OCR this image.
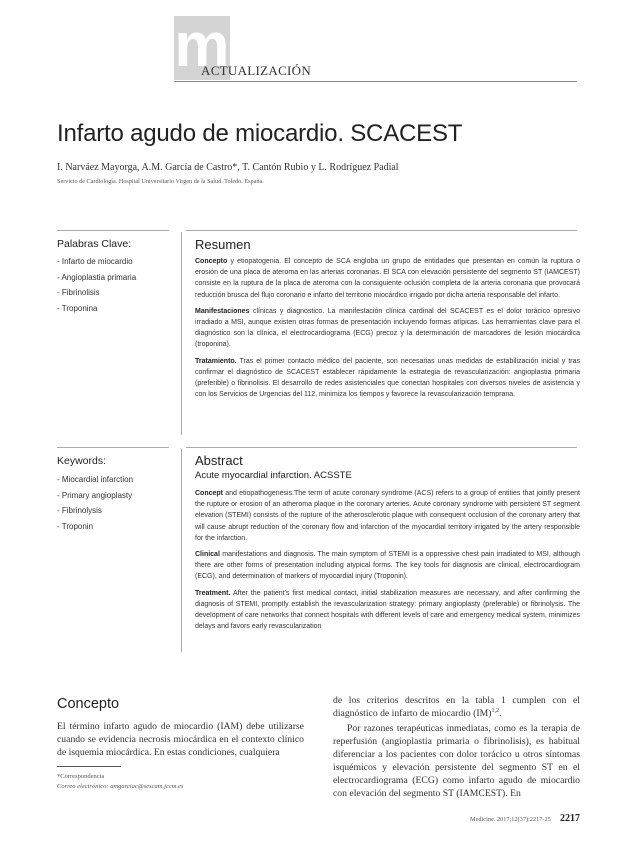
m
ACTUALIZACIÓN
Infarto agudo de miocardio. SCACEST
I. Narváez Mayorga, A.M. García de Castro*, T. Cantón Rubio y L. Rodríguez Padial
Servicio de Cardiología. Hospital Universitario Virgen de la Salud. Toledo. España.
Palabras Clave:
- Infarto de miocardio
- Angioplastia primaria
- Fibrinolisis
- Troponina
Resumen

Concepto y etiopatogenia. El concepto de SCA engloba un grupo de entidades que presentan en común la ruptura o erosión de una placa de ateroma en las arterias coronarias. El SCA con elevación persistente del segmento ST (IAMCEST) consiste en la ruptura de la placa de ateroma con la consiguiente oclusión completa de la arteria coronaria que provocará reducción brusca del flujo coronario e infarto del territorio miocárdico irrigado por dicha arteria responsable del infarto.

Manifestaciones clínicas y diagnostico. La manifestación clínica cardinal del SCACEST es el dolor torácico opresivo irradiado a MSI, aunque existen otras formas de presentación incluyendo formas atípicas. Las herramientas clave para el diagnóstico son la clínica, el electrocardiograma (ECG) precoz y la determinación de marcadores de lesión miocárdica (troponina).

Tratamiento. Tras el primer contacto médico del paciente, son necesarias unas medidas de estabilización inicial y tras confirmar el diagnóstico de SCACEST establecer rápidamente la estrategia de revascularización: angioplastia primaria (preferible) o fibrinolisis. El desarrollo de redes asistenciales que conectan hospitales con diversos niveles de asistencia y con los Servicios de Urgencias del 112, minimiza los tiempos y favorece la revascularización temprana.

Keywords:
- Miocardial infarction
- Primary angioplasty
- Fibrinolysis
- Troponin
Abstract
Acute myocardial infarction. ACSSTE

Concept and etiopathogenesis.The term of acute coronary syndrome (ACS) refers to a group of entities that jointly present the rupture or erosion of an atheroma plaque in the coronary arteries. Acute coronary syndrome with persistent ST segment elevation (STEMI) consists of the rupture of the atherosclerotic plaque with consequent occlusion of the coronary artery that will cause abrupt reduction of the coronary flow and infarction of the myocardial territory irrigated by the artery responsible for the infarction.

Clinical manifestations and diagnosis. The main symptom of STEMI is a oppressive chest pain irradiated to MSI, although there are other forms of presentation including atypical forms. The key tools for diagnosis are clinical, electrocardiogram (ECG), and determination of markers of myocardial injury (Troponin).

Treatment. After the patient's first medical contact, initial stabilization measures are necessary, and after confirming the diagnosis of STEMI, promptly establish the revascularization strategy: primary angioplasty (preferable) or fibrinolysis. The development of care networks that connect hospitals with different levels of care and emergency medical system, minimizes delays and favors early revascularization

Concepto

El término infarto agudo de miocardio (IAM) debe utilizarse cuando se evidencia necrosis miocárdica en el contexto clínico de isquemia miocárdica. En estas condiciones, cualquiera

de los criterios descritos en la tabla 1 cumplen con el diagnóstico de infarto de miocardio (IM)$^{1,2}$.

Por razones terapéuticas inmediatas, como es la terapia de reperfusión (angioplastia primaria o fibrinolisis), es habitual diferenciar a los pacientes con dolor torácico u otros síntomas isquémicos y elevación persistente del segmento ST en el electrocardiograma (ECG) como infarto agudo de miocardio con elevación del segmento ST (IAMCEST). En

*Correspondencia
Correo electrónico: amgarciac@sescam.jccm.es
Medicine. 2017;12(37):2217-25 2217
